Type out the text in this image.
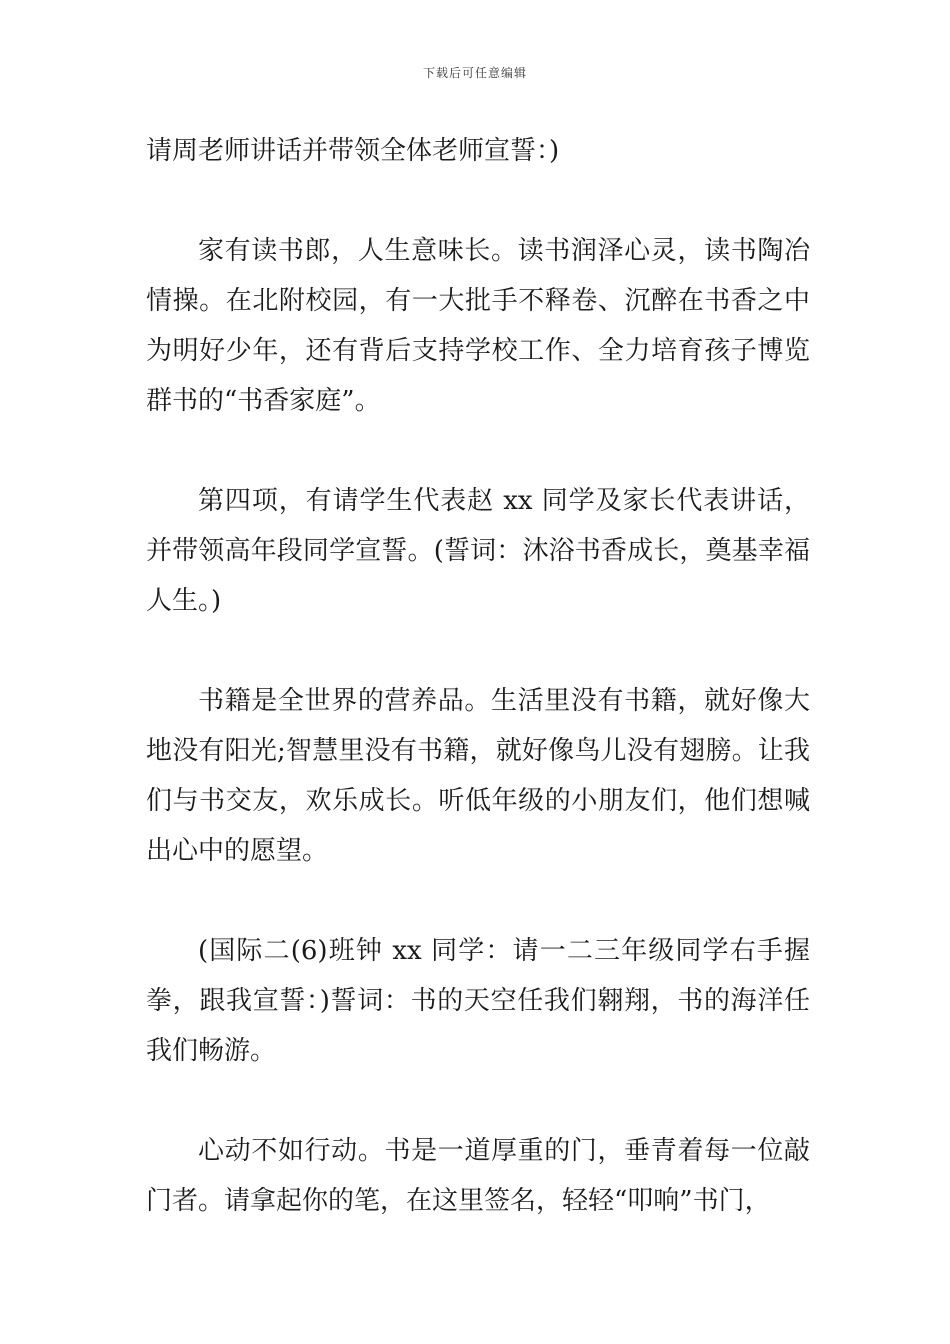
下载后可任意编辑

请周老师讲话并带领全体老师宣誓：)

家有读书郎，人生意味长。读书润泽心灵，读书陶冶情操。在北附校园，有一大批手不释卷、沉醉在书香之中为明好少年，还有背后支持学校工作、全力培育孩子博览群书的“书香家庭”。

第四项，有请学生代表赵 xx 同学及家长代表讲话，并带领高年段同学宣誓。(誓词：沐浴书香成长，奠基幸福人生。)

书籍是全世界的营养品。生活里没有书籍，就好像大地没有阳光;智慧里没有书籍，就好像鸟儿没有翅膀。让我们与书交友，欢乐成长。听低年级的小朋友们，他们想喊出心中的愿望。

(国际二(6)班钟 xx 同学：请一二三年级同学右手握拳，跟我宣誓：)誓词：书的天空任我们翱翔，书的海洋任我们畅游。

心动不如行动。书是一道厚重的门，垂青着每一位敲门者。请拿起你的笔，在这里签名，轻轻“叩响”书门，
